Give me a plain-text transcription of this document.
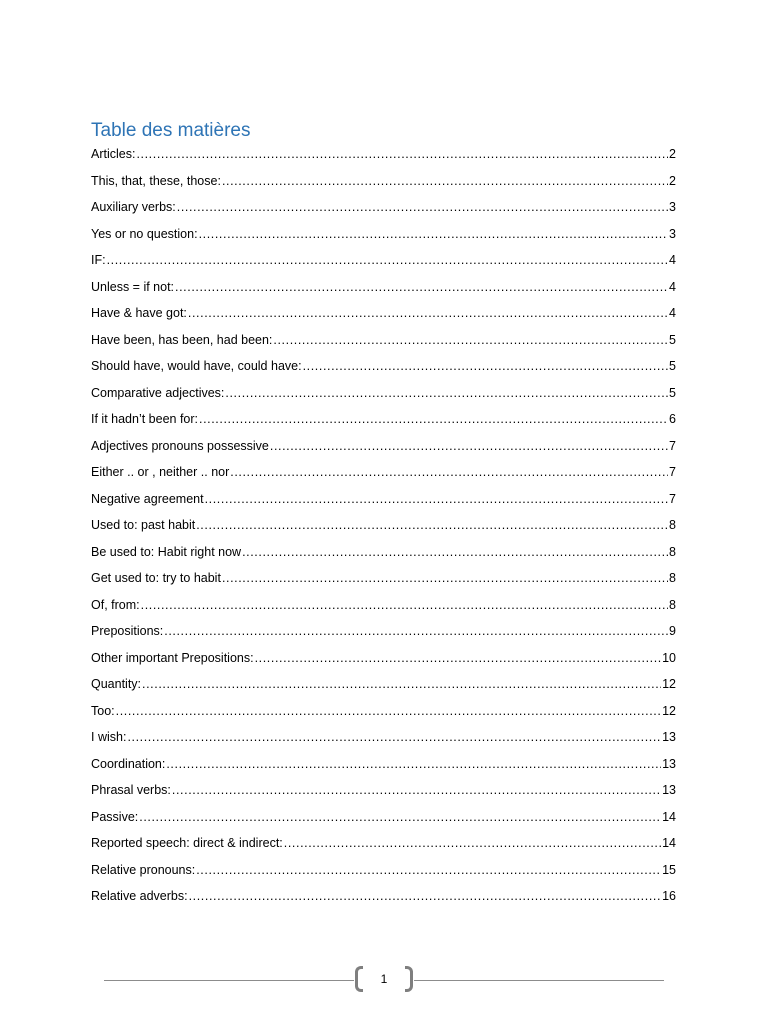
Table des matières
Articles: .....	2
This, that, these, those: .....	2
Auxiliary verbs: .....	3
Yes or no question: .....	3
IF: .....	4
Unless = if not: .....	4
Have & have got: .....	4
Have been, has been, had been: .....	5
Should have, would have, could have: .....	5
Comparative adjectives: .....	5
If it hadn’t been for: .....	6
Adjectives pronouns possessive .....	7
Either .. or , neither .. nor .....	7
Negative agreement .....	7
Used to: past habit .....	8
Be used to: Habit right now .....	8
Get used to: try to habit .....	8
Of, from: .....	8
Prepositions: .....	9
Other important Prepositions: .....	10
Quantity: .....	12
Too: .....	12
I wish: .....	13
Coordination: .....	13
Phrasal verbs: .....	13
Passive: .....	14
Reported speech: direct & indirect: .....	14
Relative pronouns: .....	15
Relative adverbs: .....	16
1
